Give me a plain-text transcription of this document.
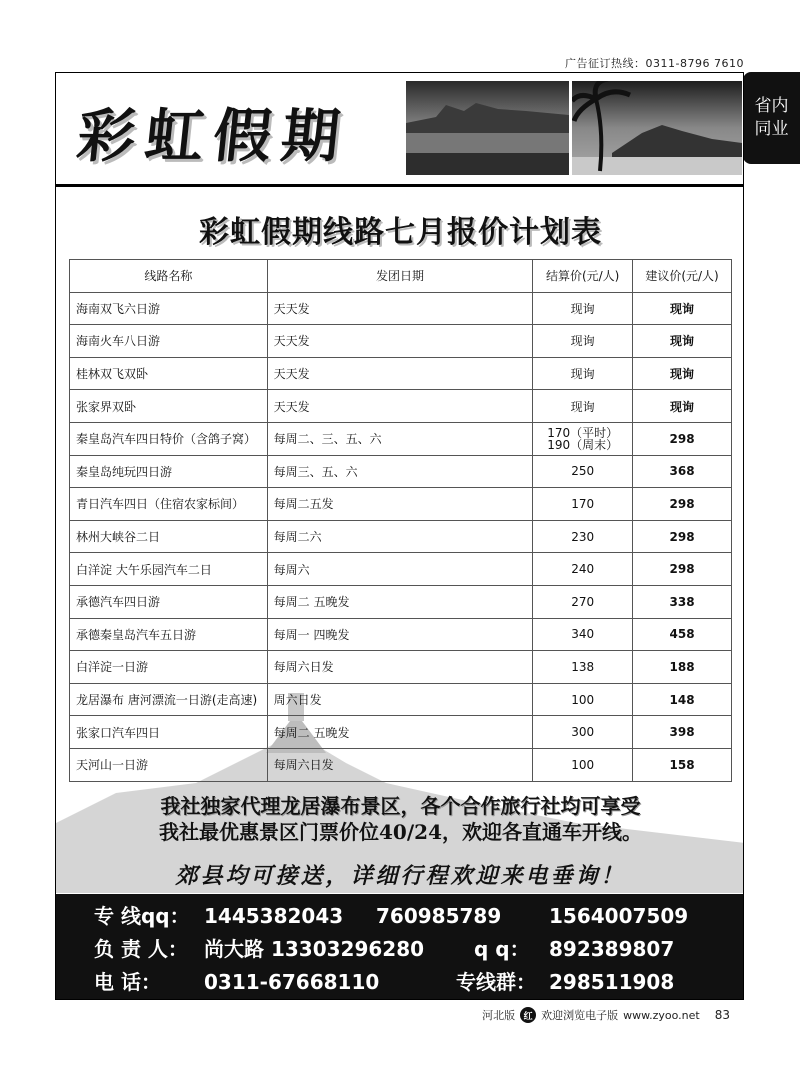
广告征订热线：0311-8796 7610
省内
同业
彩虹假期
彩虹假期线路七月报价计划表
线路名称	发团日期	结算价(元/人)	建议价(元/人)
海南双飞六日游	天天发	现询	现询
海南火车八日游	天天发	现询	现询
桂林双飞双卧	天天发	现询	现询
张家界双卧	天天发	现询	现询
秦皇岛汽车四日特价（含鸽子窝）	每周二、三、五、六	170（平时）
190（周末）	298
秦皇岛纯玩四日游	每周三、五、六	250	368
青日汽车四日（住宿农家标间）	每周二五发	170	298
林州大峡谷二日	每周二六	230	298
白洋淀 大午乐园汽车二日	每周六	240	298
承德汽车四日游	每周二 五晚发	270	338
承德秦皇岛汽车五日游	每周一 四晚发	340	458
白洋淀一日游	每周六日发	138	188
龙居瀑布 唐河漂流一日游(走高速)	周六日发	100	148
张家口汽车四日	每周二 五晚发	300	398
天河山一日游	每周六日发	100	158
我社独家代理龙居瀑布景区，各个合作旅行社均可享受
我社最优惠景区门票价位40/24，欢迎各直通车开线。
郊县均可接送，详细行程欢迎来电垂询！
专 线qq： 1445382043 760985789 1564007509
负 责 人： 尚大路 13303296280 q q： 892389807
电 话： 0311-67668110	专线群： 298511908
河北版 红 欢迎浏览电子版 www.zyoo.net 83
